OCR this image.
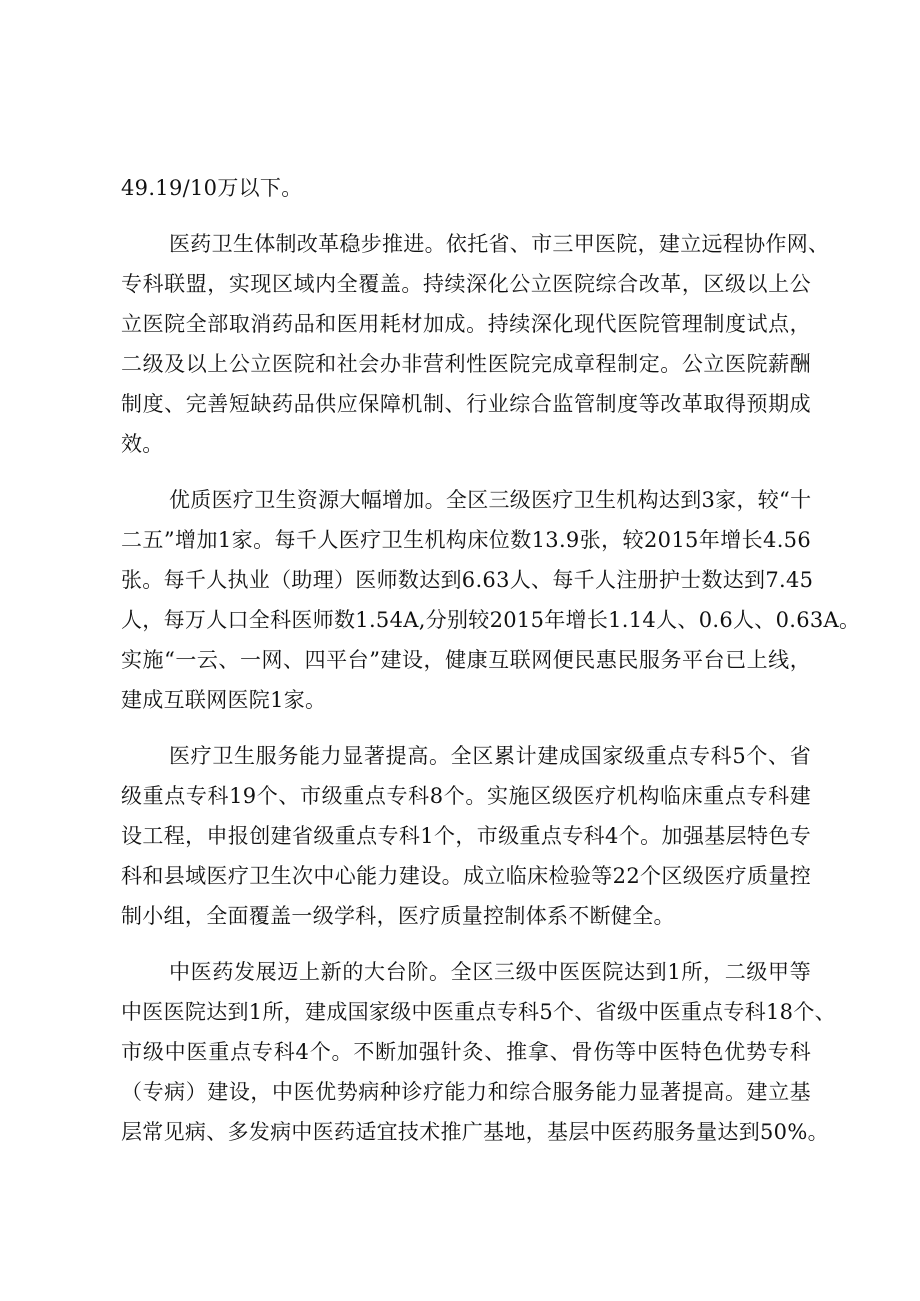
49.19/10万以下。
医药卫生体制改革稳步推进。依托省、市三甲医院，建立远程协作网、
专科联盟，实现区域内全覆盖。持续深化公立医院综合改革，区级以上公
立医院全部取消药品和医用耗材加成。持续深化现代医院管理制度试点，
二级及以上公立医院和社会办非营利性医院完成章程制定。公立医院薪酬
制度、完善短缺药品供应保障机制、行业综合监管制度等改革取得预期成
效。
优质医疗卫生资源大幅增加。全区三级医疗卫生机构达到3家，较“十
二五”增加1家。每千人医疗卫生机构床位数13.9张，较2015年增长4.56
张。每千人执业（助理）医师数达到6.63人、每千人注册护士数达到7.45
人，每万人口全科医师数1.54A,分别较2015年增长1.14人、0.6人、0.63A。
实施“一云、一网、四平台”建设，健康互联网便民惠民服务平台已上线，
建成互联网医院1家。
医疗卫生服务能力显著提高。全区累计建成国家级重点专科5个、省
级重点专科19个、市级重点专科8个。实施区级医疗机构临床重点专科建
设工程，申报创建省级重点专科1个，市级重点专科4个。加强基层特色专
科和县域医疗卫生次中心能力建设。成立临床检验等22个区级医疗质量控
制小组，全面覆盖一级学科，医疗质量控制体系不断健全。
中医药发展迈上新的大台阶。全区三级中医医院达到1所，二级甲等
中医医院达到1所，建成国家级中医重点专科5个、省级中医重点专科18个、
市级中医重点专科4个。不断加强针灸、推拿、骨伤等中医特色优势专科
（专病）建设，中医优势病种诊疗能力和综合服务能力显著提高。建立基
层常见病、多发病中医药适宜技术推广基地，基层中医药服务量达到50%。
